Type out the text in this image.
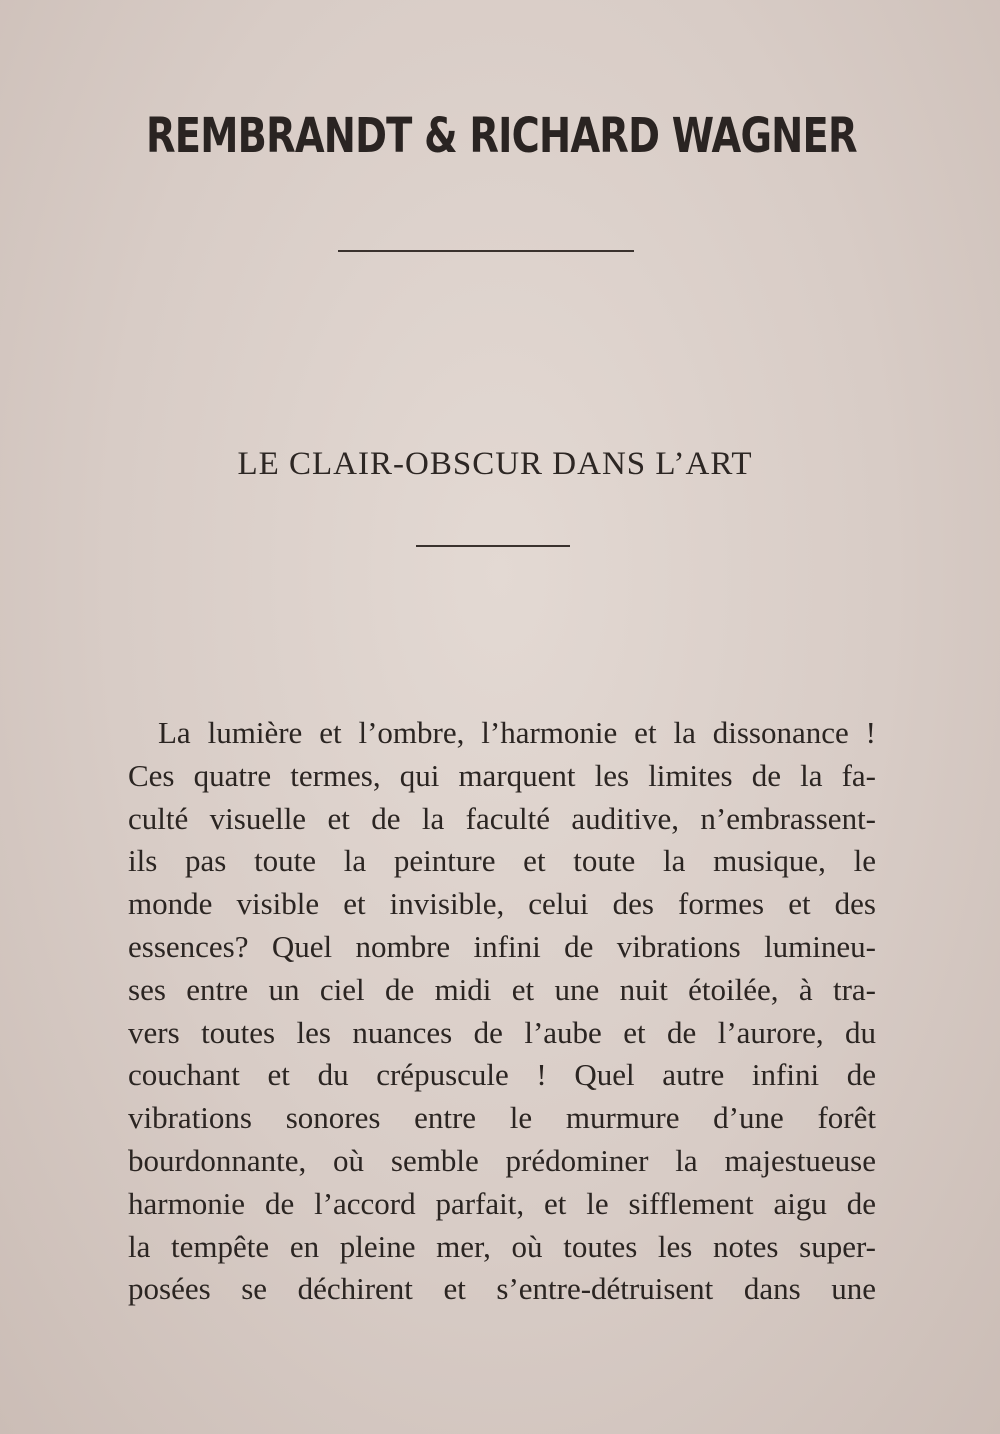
REMBRANDT & RICHARD WAGNER
LE CLAIR-OBSCUR DANS L’ART
La lumière et l’ombre, l’harmonie et la dissonance !
Ces quatre termes, qui marquent les limites de la fa-
culté visuelle et de la faculté auditive, n’embrassent-
ils pas toute la peinture et toute la musique, le
monde visible et invisible, celui des formes et des
essences? Quel nombre infini de vibrations lumineu-
ses entre un ciel de midi et une nuit étoilée, à tra-
vers toutes les nuances de l’aube et de l’aurore, du
couchant et du crépuscule ! Quel autre infini de
vibrations sonores entre le murmure d’une forêt
bourdonnante, où semble prédominer la majestueuse
harmonie de l’accord parfait, et le sifflement aigu de
la tempête en pleine mer, où toutes les notes super-
posées se déchirent et s’entre-détruisent dans une
